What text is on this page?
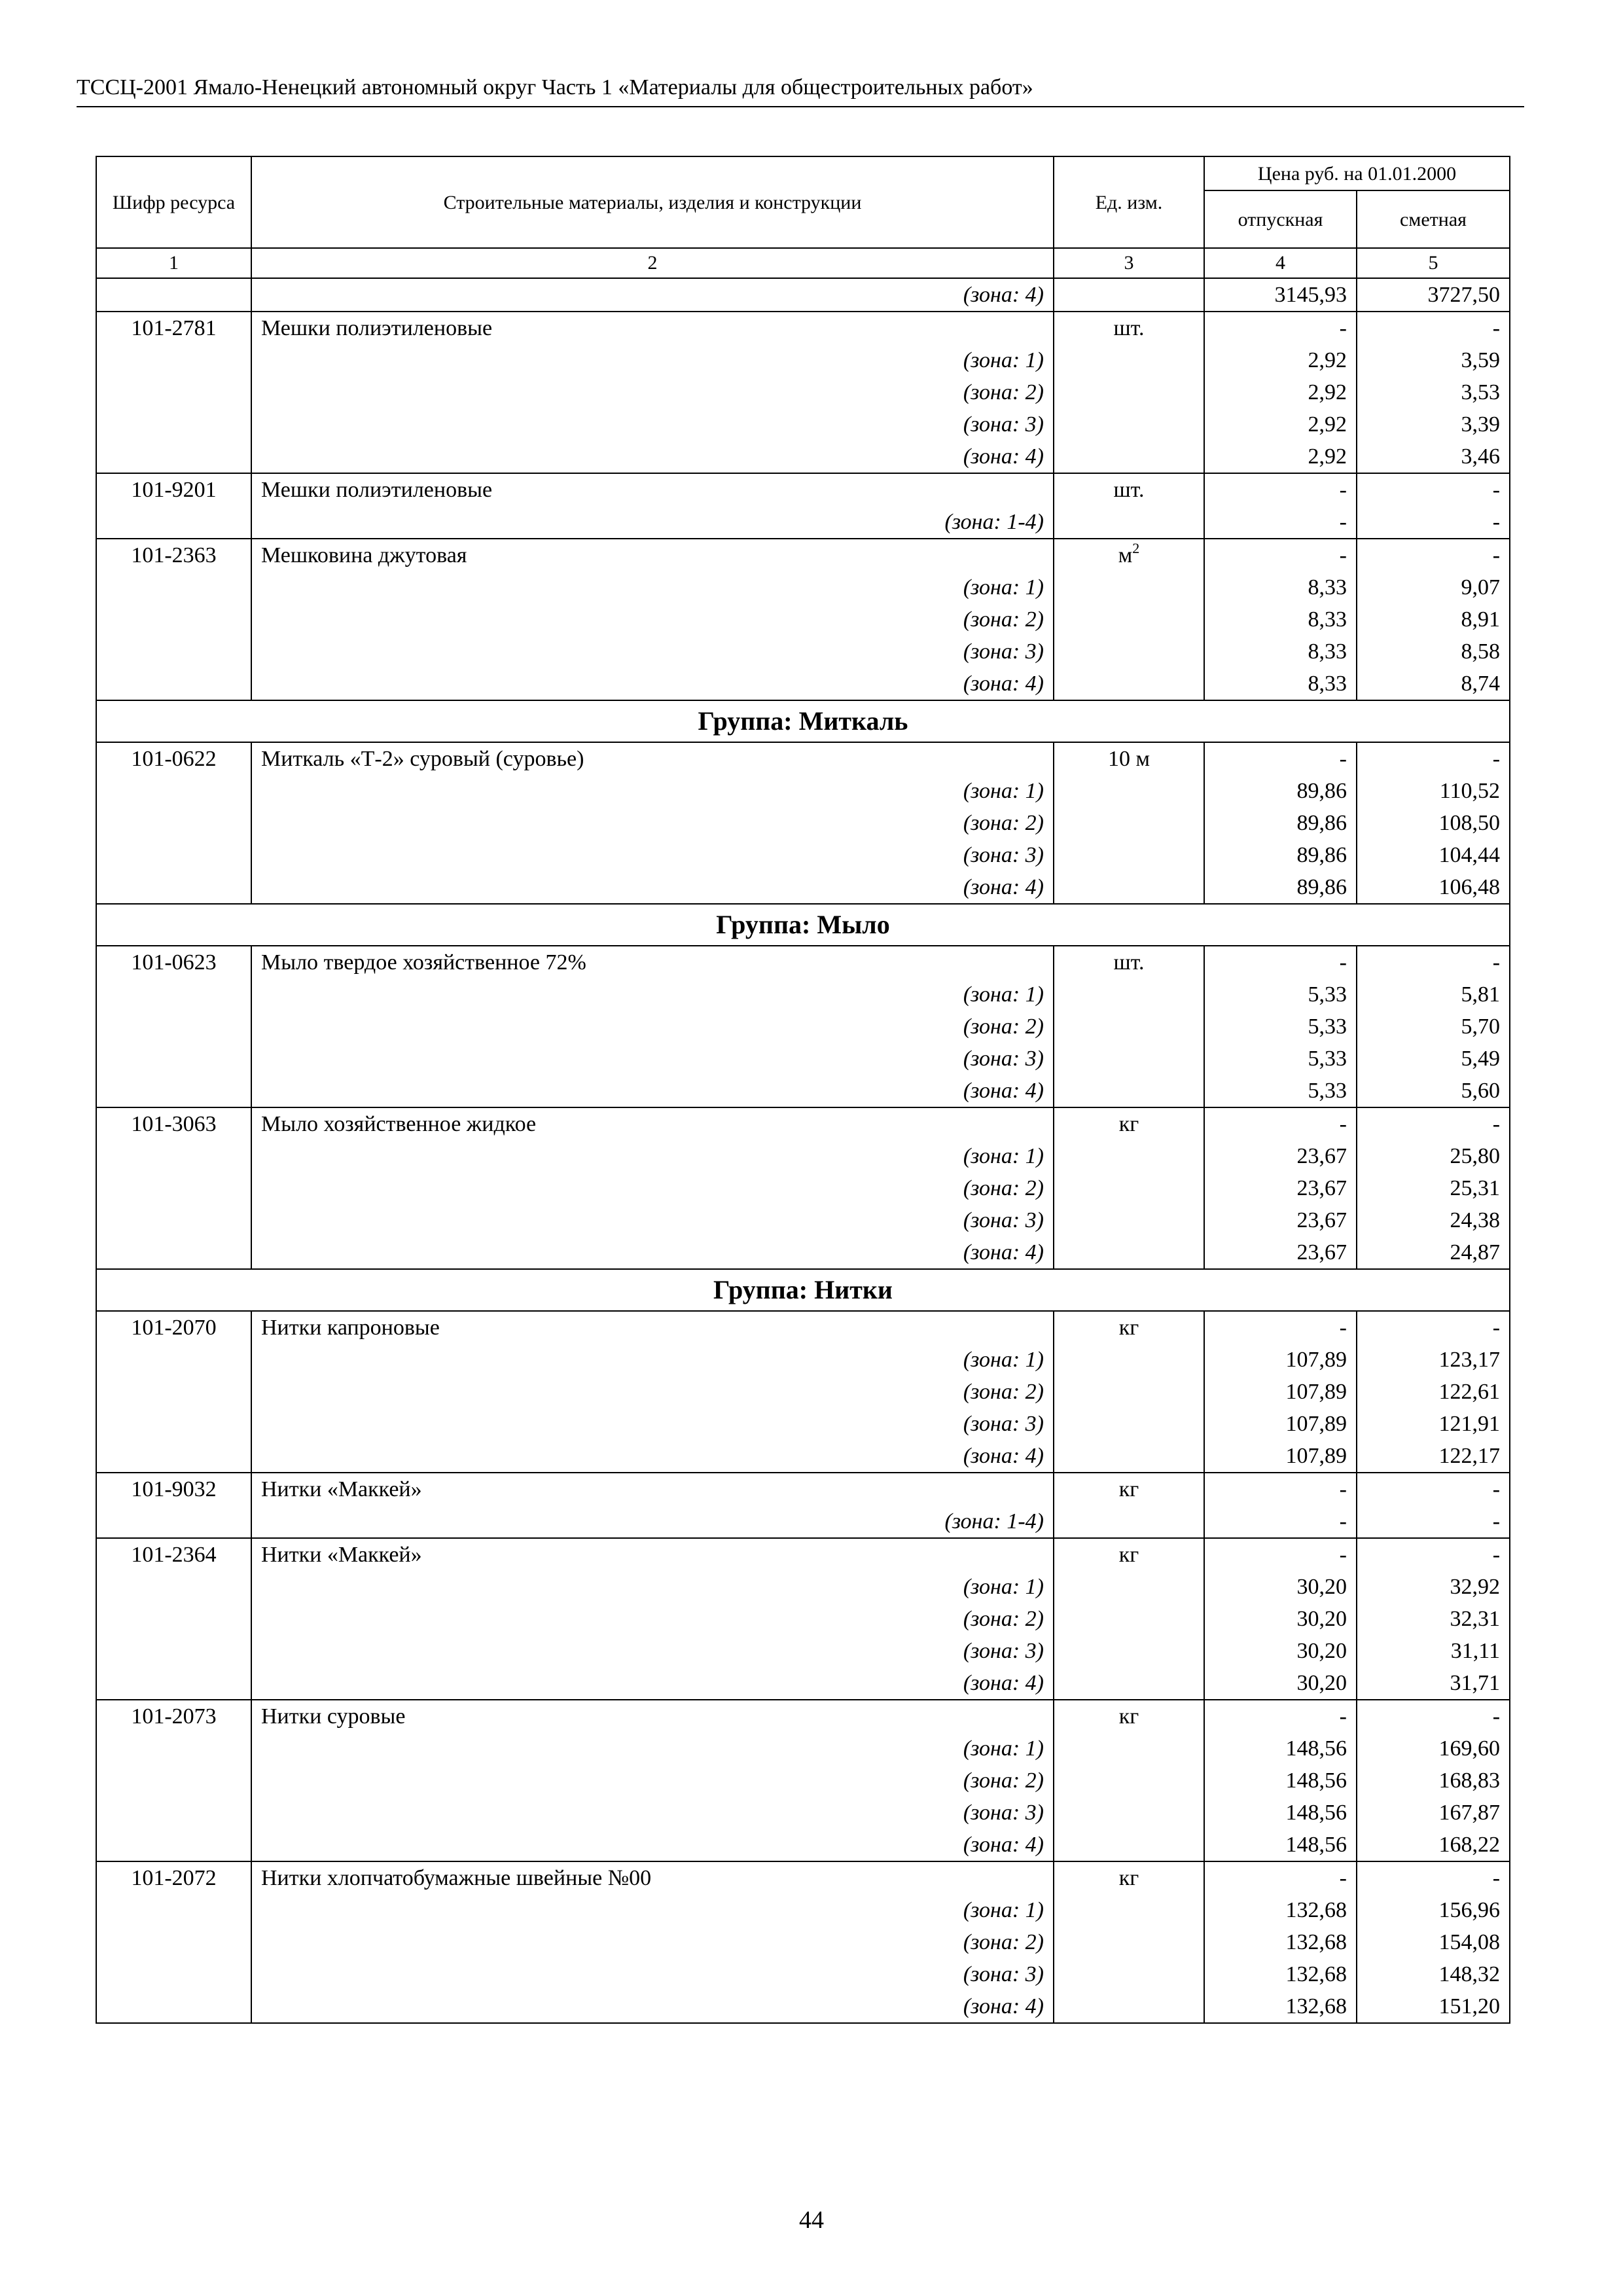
ТССЦ-2001 Ямало-Ненецкий автономный округ Часть 1 «Материалы для общестроительных работ»
Шифр ресурса	Строительные материалы, изделия и конструкции	Ед. изм.	Цена руб. на 01.01.2000	
			отпускная	сметная
1	2	3	4	5
	(зона: 4)		3145,93	3727,50
101-2781	Мешки полиэтиленовые	шт.	-	-
	(зона: 1)		2,92	3,59
	(зона: 2)		2,92	3,53
	(зона: 3)		2,92	3,39
	(зона: 4)		2,92	3,46
101-9201	Мешки полиэтиленовые	шт.	-	-
	(зона: 1-4)		-	-
101-2363	Мешковина джутовая	$м^2$	-	-
	(зона: 1)		8,33	9,07
	(зона: 2)		8,33	8,91
	(зона: 3)		8,33	8,58
	(зона: 4)		8,33	8,74
Группа: Миткаль				
101-0622	Миткаль «Т-2» суровый (суровье)	10 м	-	-
	(зона: 1)		89,86	110,52
	(зона: 2)		89,86	108,50
	(зона: 3)		89,86	104,44
	(зона: 4)		89,86	106,48
Группа: Мыло				
101-0623	Мыло твердое хозяйственное 72%	шт.	-	-
	(зона: 1)		5,33	5,81
	(зона: 2)		5,33	5,70
	(зона: 3)		5,33	5,49
	(зона: 4)		5,33	5,60
101-3063	Мыло хозяйственное жидкое	кг	-	-
	(зона: 1)		23,67	25,80
	(зона: 2)		23,67	25,31
	(зона: 3)		23,67	24,38
	(зона: 4)		23,67	24,87
Группа: Нитки				
101-2070	Нитки капроновые	кг	-	-
	(зона: 1)		107,89	123,17
	(зона: 2)		107,89	122,61
	(зона: 3)		107,89	121,91
	(зона: 4)		107,89	122,17
101-9032	Нитки «Маккей»	кг	-	-
	(зона: 1-4)		-	-
101-2364	Нитки «Маккей»	кг	-	-
	(зона: 1)		30,20	32,92
	(зона: 2)		30,20	32,31
	(зона: 3)		30,20	31,11
	(зона: 4)		30,20	31,71
101-2073	Нитки суровые	кг	-	-
	(зона: 1)		148,56	169,60
	(зона: 2)		148,56	168,83
	(зона: 3)		148,56	167,87
	(зона: 4)		148,56	168,22
101-2072	Нитки хлопчатобумажные швейные №00	кг	-	-
	(зона: 1)		132,68	156,96
	(зона: 2)		132,68	154,08
	(зона: 3)		132,68	148,32
	(зона: 4)		132,68	151,20
44
